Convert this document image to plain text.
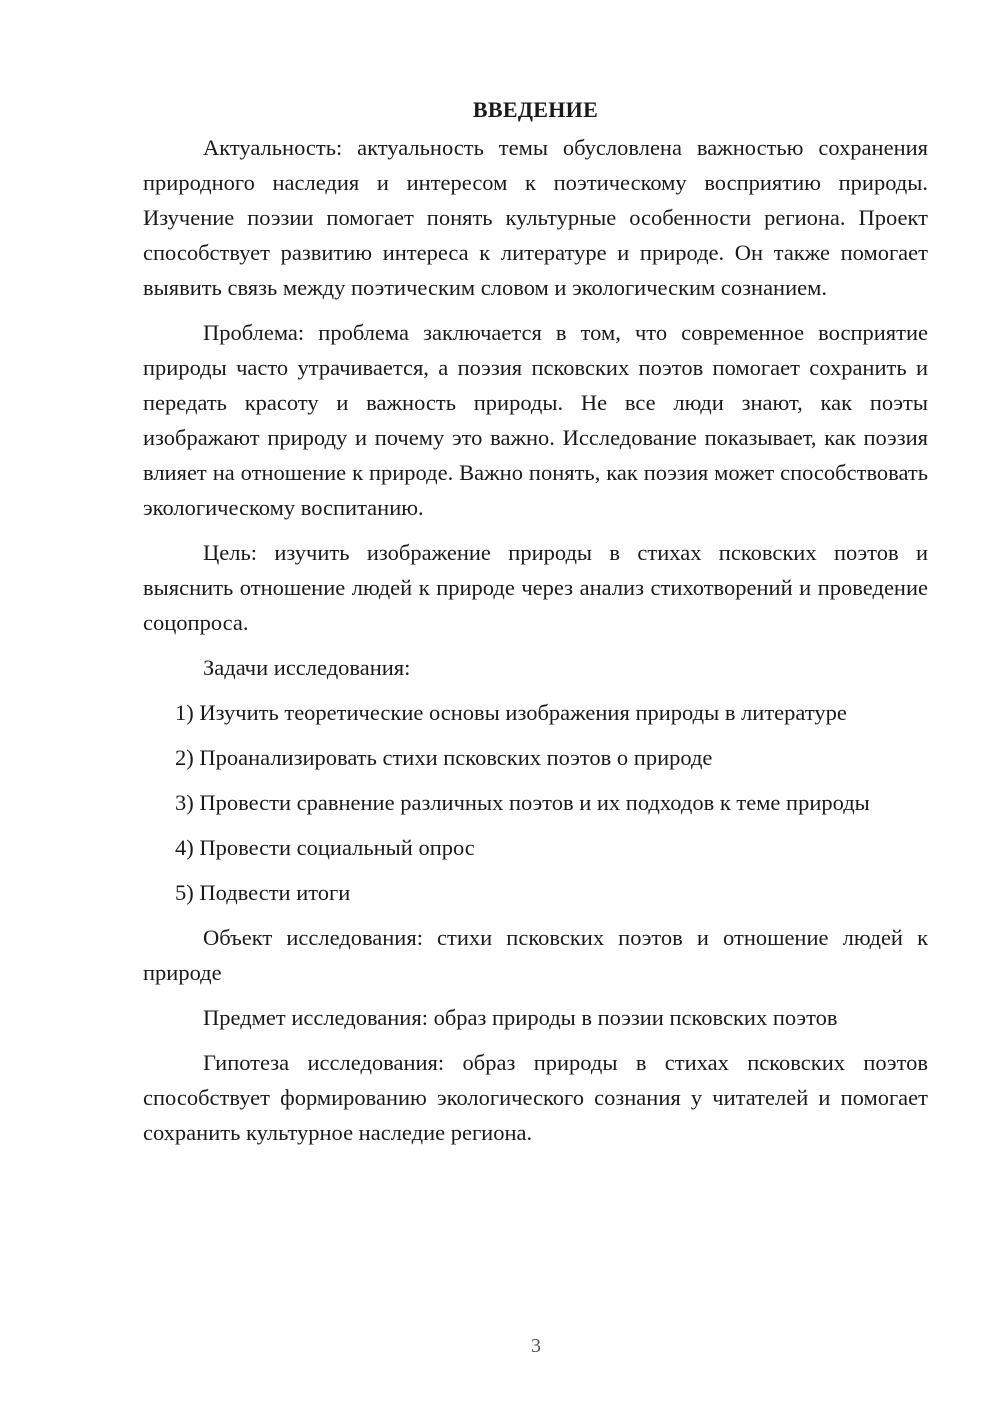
ВВЕДЕНИЕ

Актуальность: актуальность темы обусловлена важностью сохранения природного наследия и интересом к поэтическому восприятию природы. Изучение поэзии помогает понять культурные особенности региона. Проект способствует развитию интереса к литературе и природе. Он также помогает выявить связь между поэтическим словом и экологическим сознанием.

Проблема: проблема заключается в том, что современное восприятие природы часто утрачивается, а поэзия псковских поэтов помогает сохранить и передать красоту и важность природы. Не все люди знают, как поэты изображают природу и почему это важно. Исследование показывает, как поэзия влияет на отношение к природе. Важно понять, как поэзия может способствовать экологическому воспитанию.

Цель: изучить изображение природы в стихах псковских поэтов и выяснить отношение людей к природе через анализ стихотворений и проведение соцопроса.

Задачи исследования:

1) Изучить теоретические основы изображения природы в литературе
2) Проанализировать стихи псковских поэтов о природе
3) Провести сравнение различных поэтов и их подходов к теме природы
4) Провести социальный опрос
5) Подвести итоги

Объект исследования: стихи псковских поэтов и отношение людей к природе

Предмет исследования: образ природы в поэзии псковских поэтов

Гипотеза исследования: образ природы в стихах псковских поэтов способствует формированию экологического сознания у читателей и помогает сохранить культурное наследие региона.

3
